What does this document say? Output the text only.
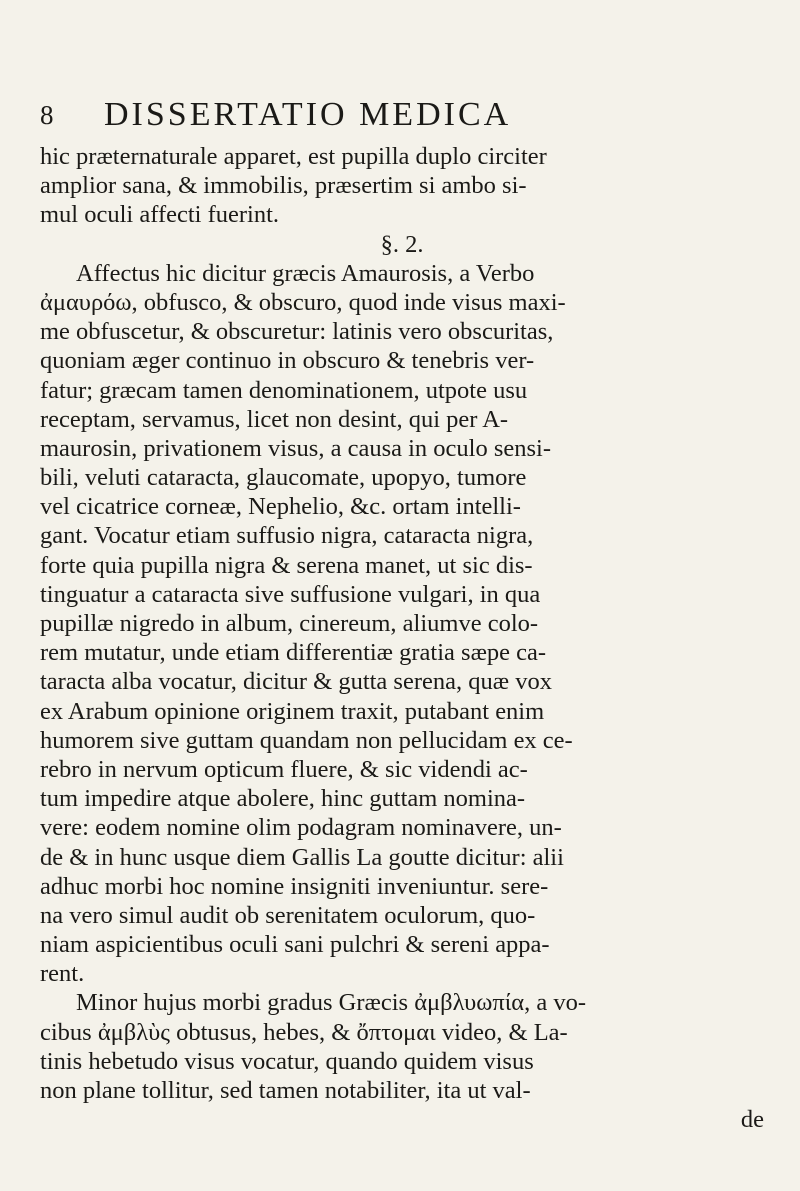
8 DISSERTATIO MEDICA
hic præternaturale apparet, est pupilla duplo circiter
amplior sana, & immobilis, præsertim si ambo si-
mul oculi affecti fuerint.
§. 2.
Affectus hic dicitur græcis Amaurosis, a Verbo
ἀμαυρόω, obfusco, & obscuro, quod inde visus maxi-
me obfuscetur, & obscuretur: latinis vero obscuritas,
quoniam æger continuo in obscuro & tenebris ver-
fatur; græcam tamen denominationem, utpote usu
receptam, servamus, licet non desint, qui per A-
maurosin, privationem visus, a causa in oculo sensi-
bili, veluti cataracta, glaucomate, upopyo, tumore
vel cicatrice corneæ, Nephelio, &c. ortam intelli-
gant. Vocatur etiam suffusio nigra, cataracta nigra,
forte quia pupilla nigra & serena manet, ut sic dis-
tinguatur a cataracta sive suffusione vulgari, in qua
pupillæ nigredo in album, cinereum, aliumve colo-
rem mutatur, unde etiam differentiæ gratia sæpe ca-
taracta alba vocatur, dicitur & gutta serena, quæ vox
ex Arabum opinione originem traxit, putabant enim
humorem sive guttam quandam non pellucidam ex ce-
rebro in nervum opticum fluere, & sic videndi ac-
tum impedire atque abolere, hinc guttam nomina-
vere: eodem nomine olim podagram nominavere, un-
de & in hunc usque diem Gallis La goutte dicitur: alii
adhuc morbi hoc nomine insigniti inveniuntur. sere-
na vero simul audit ob serenitatem oculorum, quo-
niam aspicientibus oculi sani pulchri & sereni appa-
rent.
Minor hujus morbi gradus Græcis ἀμβλυωπία, a vo-
cibus ἀμβλὺς obtusus, hebes, & ὄπτομαι video, & La-
tinis hebetudo visus vocatur, quando quidem visus
non plane tollitur, sed tamen notabiliter, ita ut val-
de
